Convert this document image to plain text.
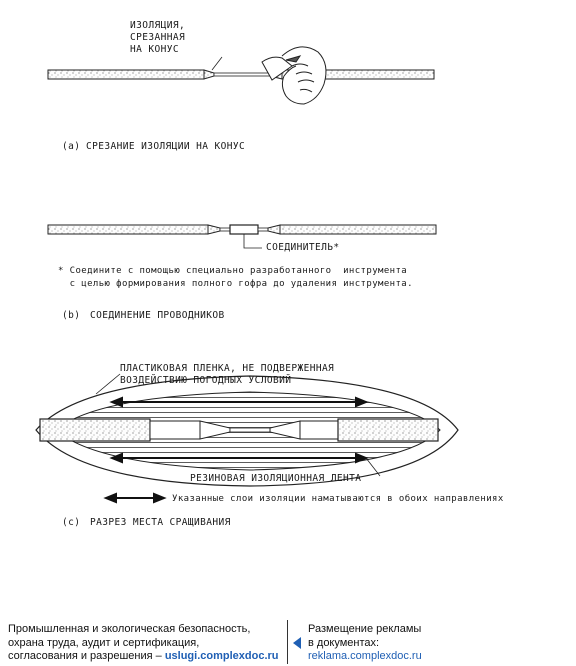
ИЗОЛЯЦИЯ,
СРЕЗАННАЯ
НА КОНУС
(a) СРЕЗАНИЕ ИЗОЛЯЦИИ НА КОНУС
СОЕДИНИТЕЛЬ*
* Соедините с помощью специально разработанного  инструмента
с целью формирования полного гофра до удаления инструмента.
(b) СОЕДИНЕНИЕ ПРОВОДНИКОВ
ПЛАСТИКОВАЯ ПЛЕНКА, НЕ ПОДВЕРЖЕННАЯ
ВОЗДЕЙСТВИЮ ПОГОДНЫХ УСЛОВИЙ
РЕЗИНОВАЯ ИЗОЛЯЦИОННАЯ ЛЕНТА
Указанные слои изоляции наматываются в обоих направлениях
(c) РАЗРЕЗ МЕСТА СРАЩИВАНИЯ
Промышленная и экологическая безопасность,
охрана труда, аудит и сертификация,
согласования и разрешения – uslugi.complexdoc.ru
Размещение рекламы
в документах:
reklama.complexdoc.ru
